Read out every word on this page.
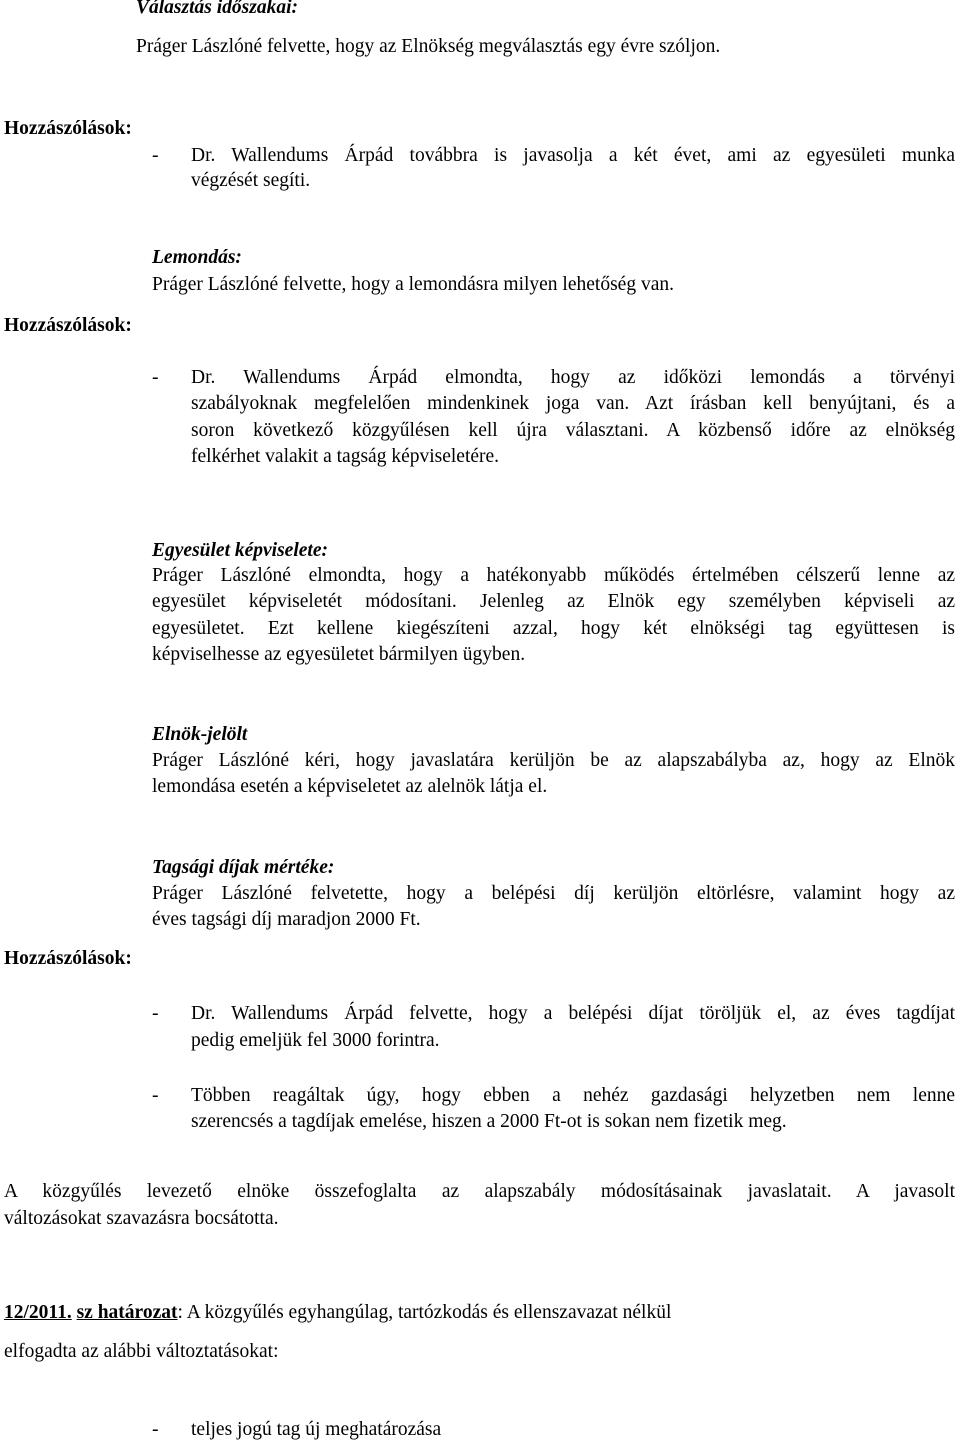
Választás időszakai:
Práger Lászlóné felvette, hogy az Elnökség megválasztás egy évre szóljon.
Hozzászólások:
- Dr. Wallendums Árpád továbbra is javasolja a két évet, ami az egyesületi munka
végzését segíti.
Lemondás:
Práger Lászlóné felvette, hogy a lemondásra milyen lehetőség van.
Hozzászólások:
- Dr. Wallendums Árpád elmondta, hogy az időközi lemondás a törvényi
szabályoknak megfelelően mindenkinek joga van. Azt írásban kell benyújtani, és a
soron következő közgyűlésen kell újra választani. A közbenső időre az elnökség
felkérhet valakit a tagság képviseletére.
Egyesület képviselete:
Práger Lászlóné elmondta, hogy a hatékonyabb működés értelmében célszerű lenne az
egyesület képviseletét módosítani. Jelenleg az Elnök egy személyben képviseli az
egyesületet. Ezt kellene kiegészíteni azzal, hogy két elnökségi tag együttesen is
képviselhesse az egyesületet bármilyen ügyben.
Elnök-jelölt
Práger Lászlóné kéri, hogy javaslatára kerüljön be az alapszabályba az, hogy az Elnök
lemondása esetén a képviseletet az alelnök látja el.
Tagsági díjak mértéke:
Práger Lászlóné felvetette, hogy a belépési díj kerüljön eltörlésre, valamint hogy az
éves tagsági díj maradjon 2000 Ft.
Hozzászólások:
- Dr. Wallendums Árpád felvette, hogy a belépési díjat töröljük el, az éves tagdíjat
pedig emeljük fel 3000 forintra.
- Többen reagáltak úgy, hogy ebben a nehéz gazdasági helyzetben nem lenne
szerencsés a tagdíjak emelése, hiszen a 2000 Ft-ot is sokan nem fizetik meg.
A közgyűlés levezető elnöke összefoglalta az alapszabály módosításainak javaslatait. A javasolt
változásokat szavazásra bocsátotta.
12/2011. sz határozat: A közgyűlés egyhangúlag, tartózkodás és ellenszavazat nélkül
elfogadta az alábbi változtatásokat:
- teljes jogú tag új meghatározása
